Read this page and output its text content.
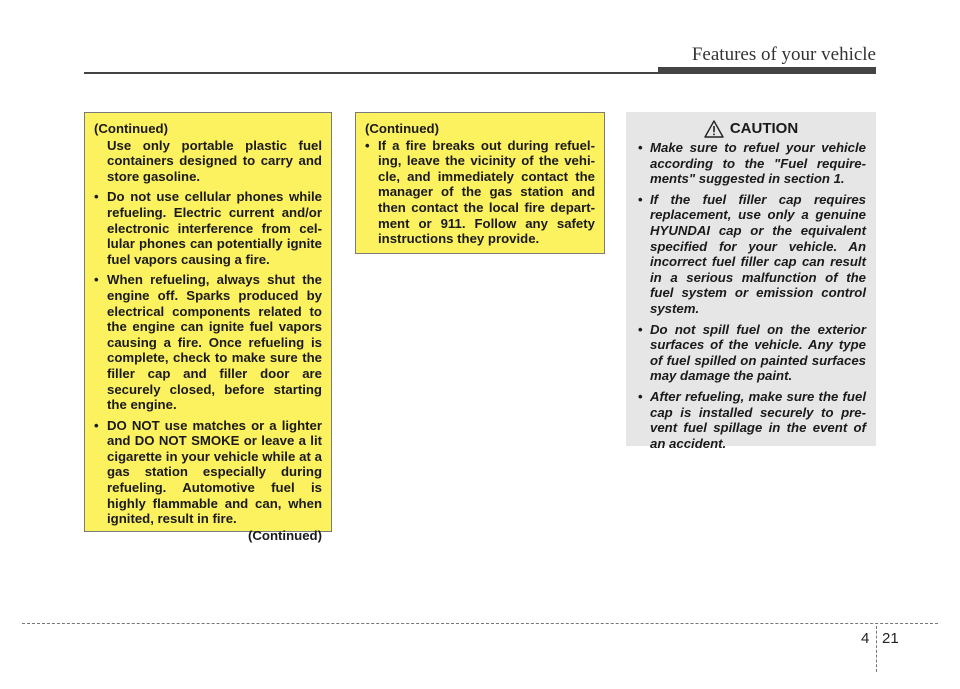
Features of your vehicle
(Continued)
Use only portable plastic fuel containers designed to carry and store gasoline.
• Do not use cellular phones while refueling. Electric current and/or electronic interference from cel-lular phones can potentially ignite fuel vapors causing a fire.
• When refueling, always shut the engine off. Sparks produced by electrical components related to the engine can ignite fuel vapors causing a fire. Once refueling is complete, check to make sure the filler cap and filler door are securely closed, before starting the engine.
• DO NOT use matches or a lighter and DO NOT SMOKE or leave a lit cigarette in your vehicle while at a gas station especially during refueling. Automotive fuel is highly flammable and can, when ignited, result in fire.
(Continued)
(Continued)
• If a fire breaks out during refuel-ing, leave the vicinity of the vehi-cle, and immediately contact the manager of the gas station and then contact the local fire depart-ment or 911. Follow any safety instructions they provide.
CAUTION
• Make sure to refuel your vehicle according to the "Fuel require-ments" suggested in section 1.
• If the fuel filler cap requires replacement, use only a genuine HYUNDAI cap or the equivalent specified for your vehicle. An incorrect fuel filler cap can result in a serious malfunction of the fuel system or emission control system.
• Do not spill fuel on the exterior surfaces of the vehicle. Any type of fuel spilled on painted surfaces may damage the paint.
• After refueling, make sure the fuel cap is installed securely to pre-vent fuel spillage in the event of an accident.
4 21
